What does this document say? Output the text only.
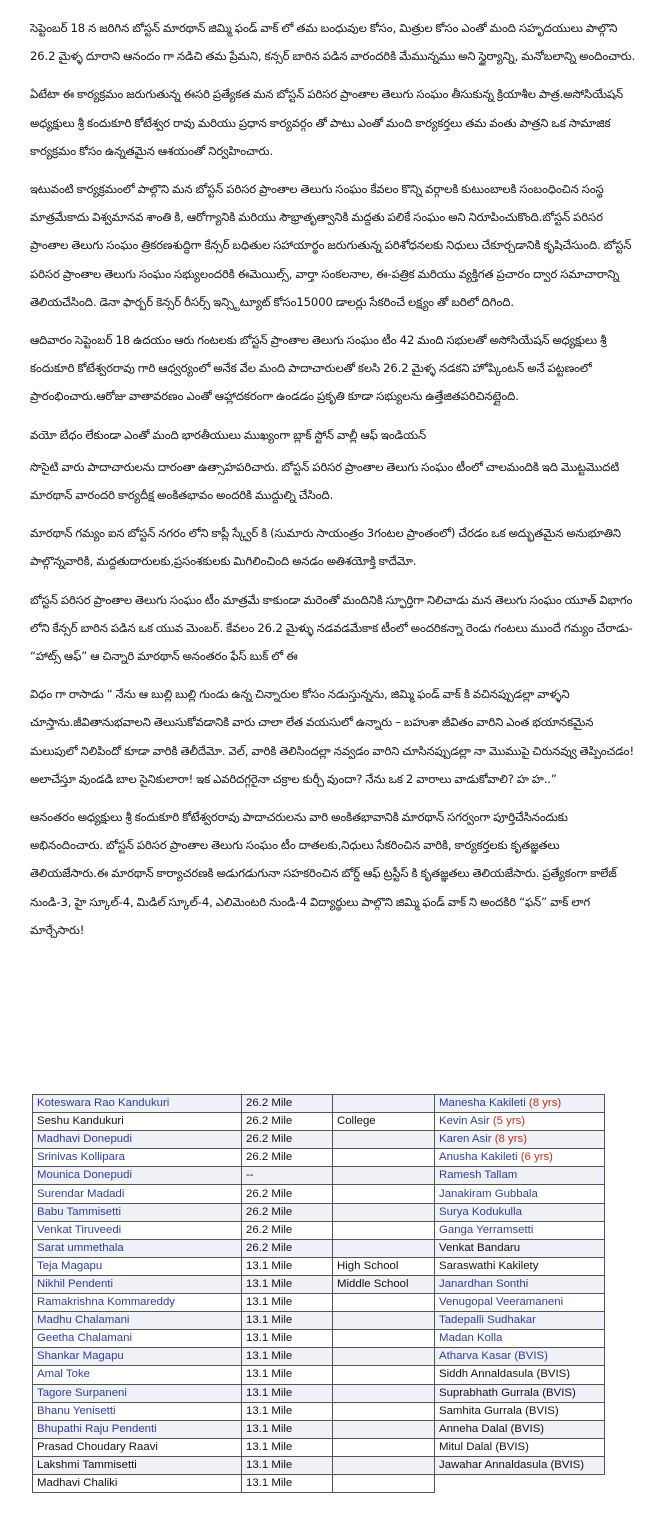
సెప్టెంబర్ 18 న జరిగిన బోస్టన్ మారథాన్ జిమ్మి ఫండ్ వాక్ లో తమ బంధువుల కోసం, మిత్రుల కోసం ఎంతో మంది సహృదయులు పాల్గొని 26.2 మైళ్ళ దూరాని ఆనందం గా నడిచి తమ ప్రేమని, కన్సర్ బారిన పడిన వారందరికి మేమున్నము అని స్థైర్యాన్ని, మనోబలాన్ని అందించారు.

ఏటేటా ఈ కార్యక్రమం జరుగుతున్న ఈసరి ప్రత్యేకత మన బోస్టన్ పరిసర ప్రాంతాల తెలుగు సంఘం తీసుకున్న క్రియాశీల పాత్ర.అసోసియేషన్ అధ్యక్షులు శ్రీ కందుకూరి కోటేశ్వర రావు మరియు ప్రధాన కార్యవర్గం తో పాటు ఎంతో మంది కార్యకర్తలు తమ వంతు పాత్రని ఒక సామాజిక కార్యక్రమం కోసం ఉన్నతమైన ఆశయంతో నిర్వహించారు.

ఇటువంటి కార్యక్రమంలో పాల్గొని మన బోస్టన్ పరిసర ప్రాంతాల తెలుగు సంఘం కేవలం కొన్ని వర్గాలకి కుటుంబాలకి సంబంధించిన సంస్థ మాత్రమేకాదు విశ్వమానవ శాంతి కి, ఆరోగ్యానికి మరియు సౌభ్రాతృత్వానికి మద్దతు పలికే సంఘం అని నిరూపించుకొంది.బోస్టన్ పరిసర ప్రాంతాల తెలుగు సంఘం త్రికరణశుద్ధిగా కేన్సర్ బధితుల సహాయార్థం జరుగుతున్న పరిశోధనలకు నిధులు చేకూర్చడానికి కృషిచేసుంది. బోస్టన్ పరిసర ప్రాంతాల తెలుగు సంఘం సభ్యులందరికి ఈమెయిల్స్, వార్తా సంకలనాల, ఈ-పత్రిక మరియు వ్యక్తిగత ప్రచారం ద్వార సమాచారాన్ని తెలియచేసింది. డెనా ఫార్బర్ కెన్సర్ రీసర్స్ ఇన్స్టిట్యూట్ కోసం15000 డాలర్లు సేకరించే లక్ష్యం తో బరిలో దిగింది.

ఆదివారం సెప్టెంబర్ 18 ఉదయం ఆరు గంటలకు బోస్టన్ ప్రాంతాల తెలుగు సంఘం టీం 42 మంది సభులతో అసోసియేషన్ అధ్యక్షులు శ్రీ కందుకూరి కోటేశ్వరరావు గారి ఆధ్వర్యంలో అనేక వేల మంది పాదాచారులతో కలసి 26.2 మైళ్ళ నడకని హోప్కింటన్ అనే పట్టణంలో ప్రారంభించారు.ఆరోజు వాతావరణం ఎంతో ఆహ్లాదకరంగా ఉండడం ప్రకృతి కూడా సభ్యులను ఉత్తేజితపరిచినట్లైంది.

వయో బేధం లేకుండా ఎంతో మంది భారతీయులు ముఖ్యంగా బ్లాక్ స్టోన్ వాల్లీ ఆఫ్ ఇండియన్

సొసైటి వారు పాదాచారులను దారంతా ఉత్సాహపరిచారు. బోస్టన్ పరిసర ప్రాంతాల తెలుగు సంఘం టీంలో చాలమందికి ఇది మొట్టమొదటి మారథాన్ వారందరి కార్యదీక్ష అంకితభావం అందరికి ముద్దుల్ని చేసింది.

మారథాన్ గమ్యం ఐన బోస్టన్ నగరం లోని కాప్లీ స్క్వేర్ కి (సుమారు సాయంత్రం 3గంటల ప్రాంతంలో) చేరడం ఒక అద్భుతమైన అనుభూతిని పాల్గొన్నవారికి, మద్దతుదారులకు,ప్రసంశకులకు మిగిలించింది అనడం అతిశయోక్తి కాదేమో.

బోస్టన్ పరిసర ప్రాంతాల తెలుగు సంఘం టీం మాత్రమే కాకుండా మరెంతో మందినికి స్ఫూర్తిగా నిలిచాడు మన తెలుగు సంఘం యూత్ విభాగం లోని కేన్సర్ బారిన పడిన ఒక యువ మెంబర్. కేవలం 26.2 మైళ్ళు నడవడమేకాక టీంలో అందరికన్నా రెండు గంటలు ముందే గమ్యం చేరాడు- “హాట్స్ ఆఫ్” ఆ చిన్నారి మారథాన్ అనంతరం ఫేస్ బుక్ లో ఈ

విధం గా రాసాడు “ నేను ఆ బుల్లి బుల్లి గుండు ఉన్న చిన్నారుల కోసం నడుస్తున్నను, జిమ్మి ఫండ్ వాక్ కి వచినప్పుడల్లా వాళ్ళని చూస్తాను.జీవితానుభవాలని తెలుసుకోవడానికి వారు చాలా లేత వయసులో ఉన్నారు – బహుశా జీవితం వారిని ఎంత భయానకమైన మలుపులో నిలిపిందో కూడా వారికి తెలీదేమో. వెల్, వారికి తెలిసిందల్లా నవ్వడం వారిని చూసినప్పుడల్లా నా మొముపై చిరునవ్వు తెప్పించడం! అలాచేస్తూ వుండడి బాల సైనికులారా! ఇక ఎవరిదగ్గరైనా చక్రాల కుర్చీ వుందా? నేను ఒక 2 వారాలు వాడుకోవాలి? హ హ..”

ఆనంతరం అధ్యక్షులు శ్రీ కందుకూరి కోటేశ్వరరావు పాదాచరులను వారి అంకితభావానికి మారథాన్ సగర్వంగా పూర్తిచేసినందుకు అభినందించారు. బోస్టన్ పరిసర ప్రాంతాల తెలుగు సంఘం టీం దాతలకు,నిధులు సేకరించిన వారికి, కార్యకర్తలకు కృతజ్ఞతలు తెలియజేసారు.ఈ మారథాన్ కార్యాచరణకి అడుగడుగునా సహకరించిన బోర్డ్ ఆఫ్ ట్రస్టీస్ కి కృతజ్ఞతలు తెలియజేసారు. ప్రత్యేకంగా కాలేజ్ నుండి-3, హై స్కూల్-4, మిడిల్ స్కూల్-4, ఎలిమెంటరి నుండి-4 విద్యార్థులు పాల్గొని జిమ్మి ఫండ్ వాక్ ని అందకిరి “ఫన్” వాక్ లాగ మార్చేసారు!

Koteswara Rao Kandukuri	26.2 Mile		Manesha Kakileti (8 yrs)
Seshu Kandukuri	26.2 Mile	College	Kevin Asir (5 yrs)
Madhavi Donepudi	26.2 Mile		Karen Asir (8 yrs)
Srinivas Kollipara	26.2 Mile		Anusha Kakileti (6 yrs)
Mounica Donepudi	--		Ramesh Tallam
Surendar Madadi	26.2 Mile		Janakiram Gubbala
Babu Tammisetti	26.2 Mile		Surya Kodukulla
Venkat Tiruveedi	26.2 Mile		Ganga Yerramsetti
Sarat ummethala	26.2 Mile		Venkat Bandaru
Teja Magapu	13.1 Mile	High School	Saraswathi Kakilety
Nikhil Pendenti	13.1 Mile	Middle School	Janardhan Sonthi
Ramakrishna Kommareddy	13.1 Mile		Venugopal Veeramaneni
Madhu Chalamani	13.1 Mile		Tadepalli Sudhakar
Geetha Chalamani	13.1 Mile		Madan Kolla
Shankar Magapu	13.1 Mile		Atharva Kasar (BVIS)
Amal Toke	13.1 Mile		Siddh Annaldasula (BVIS)
Tagore Surpaneni	13.1 Mile		Suprabhath Gurrala (BVIS)
Bhanu Yenisetti	13.1 Mile		Samhita Gurrala (BVIS)
Bhupathi Raju Pendenti	13.1 Mile		Anneha Dalal (BVIS)
Prasad Choudary Raavi	13.1 Mile		Mitul Dalal (BVIS)
Lakshmi Tammisetti	13.1 Mile		Jawahar Annaldasula (BVIS)
Madhavi Chaliki	13.1 Mile		
